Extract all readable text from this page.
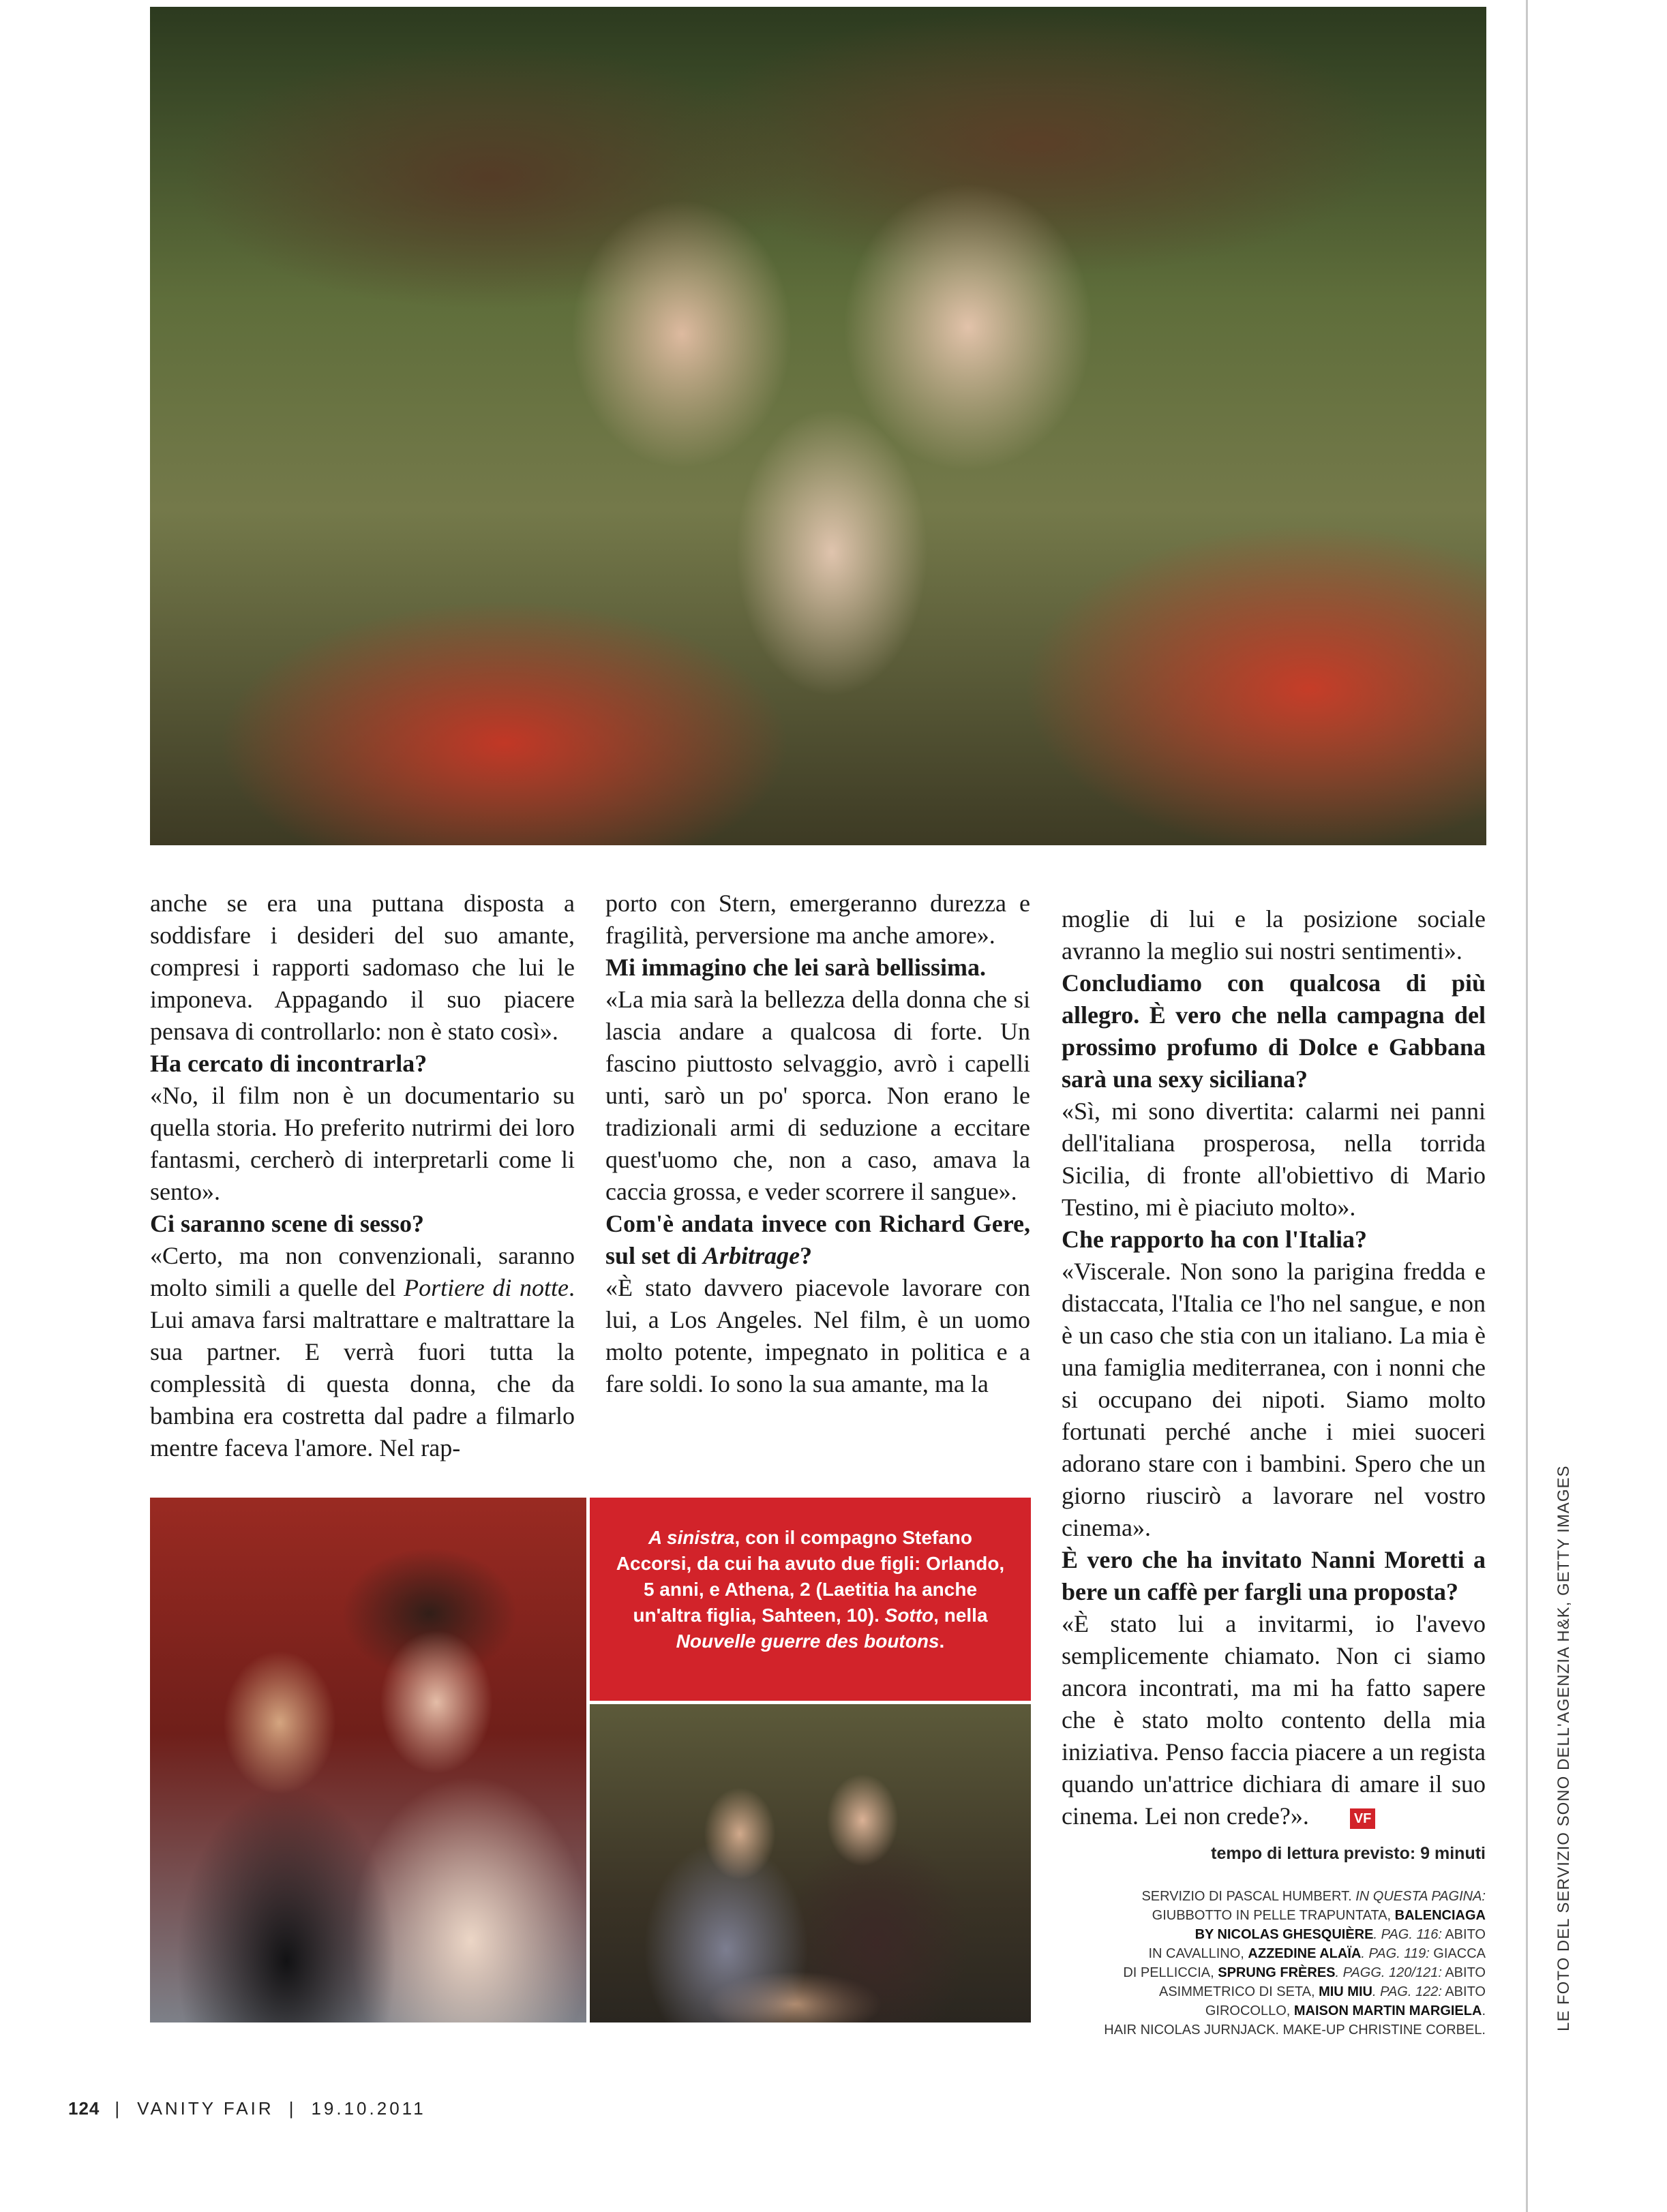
anche se era una puttana disposta a soddisfare i desideri del suo amante, compresi i rapporti sadomaso che lui le imponeva. Appagando il suo piacere pensava di controllarlo: non è stato così».

Ha cercato di incontrarla?

«No, il film non è un documentario su quella storia. Ho preferito nutrirmi dei loro fantasmi, cercherò di interpretarli come li sento».

Ci saranno scene di sesso?

«Certo, ma non convenzionali, saranno molto simili a quelle del Portiere di notte. Lui amava farsi maltrattare e maltrattare la sua partner. E verrà fuori tutta la complessità di questa donna, che da bambina era costretta dal padre a filmarlo mentre faceva l'amore. Nel rap-

porto con Stern, emergeranno durezza e fragilità, perversione ma anche amore».

Mi immagino che lei sarà bellissima.

«La mia sarà la bellezza della donna che si lascia andare a qualcosa di forte. Un fascino piuttosto selvaggio, avrò i capelli unti, sarò un po' sporca. Non erano le tradizionali armi di seduzione a eccitare quest'uomo che, non a caso, amava la caccia grossa, e veder scorrere il sangue».

Com'è andata invece con Richard Gere, sul set di Arbitrage?

«È stato davvero piacevole lavorare con lui, a Los Angeles. Nel film, è un uomo molto potente, impegnato in politica e a fare soldi. Io sono la sua amante, ma la

A sinistra, con il compagno Stefano Accorsi, da cui ha avuto due figli: Orlando, 5 anni, e Athena, 2 (Laetitia ha anche un'altra figlia, Sahteen, 10). Sotto, nella Nouvelle guerre des boutons.

moglie di lui e la posizione sociale avranno la meglio sui nostri sentimenti».

Concludiamo con qualcosa di più allegro. È vero che nella campagna del prossimo profumo di Dolce e Gabbana sarà una sexy siciliana?

«Sì, mi sono divertita: calarmi nei panni dell'italiana prosperosa, nella torrida Sicilia, di fronte all'obiettivo di Mario Testino, mi è piaciuto molto».

Che rapporto ha con l'Italia?

«Viscerale. Non sono la parigina fredda e distaccata, l'Italia ce l'ho nel sangue, e non è un caso che stia con un italiano. La mia è una famiglia mediterranea, con i nonni che si occupano dei nipoti. Siamo molto fortunati perché anche i miei suoceri adorano stare con i bambini. Spero che un giorno riuscirò a lavorare nel vostro cinema».

È vero che ha invitato Nanni Moretti a bere un caffè per fargli una proposta?

«È stato lui a invitarmi, io l'avevo semplicemente chiamato. Non ci siamo ancora incontrati, ma mi ha fatto sapere che è stato molto contento della mia iniziativa. Penso faccia piacere a un regista quando un'attrice dichiara di amare il suo cinema. Lei non crede?».	VF

tempo di lettura previsto: 9 minuti
SERVIZIO DI PASCAL HUMBERT. IN QUESTA PAGINA:
GIUBBOTTO IN PELLE TRAPUNTATA, BALENCIAGA
BY NICOLAS GHESQUIÈRE. PAG. 116: ABITO
IN CAVALLINO, AZZEDINE ALAÏA. PAG. 119: GIACCA
DI PELLICCIA, SPRUNG FRÈRES. PAGG. 120/121: ABITO
ASIMMETRICO DI SETA, MIU MIU. PAG. 122: ABITO
GIROCOLLO, MAISON MARTIN MARGIELA.
HAIR NICOLAS JURNJACK. MAKE-UP CHRISTINE CORBEL.	LE FOTO DEL SERVIZIO SONO DELL'AGENZIA H&K, GETTY IMAGES
124 | VANITY FAIR | 19.10.2011
